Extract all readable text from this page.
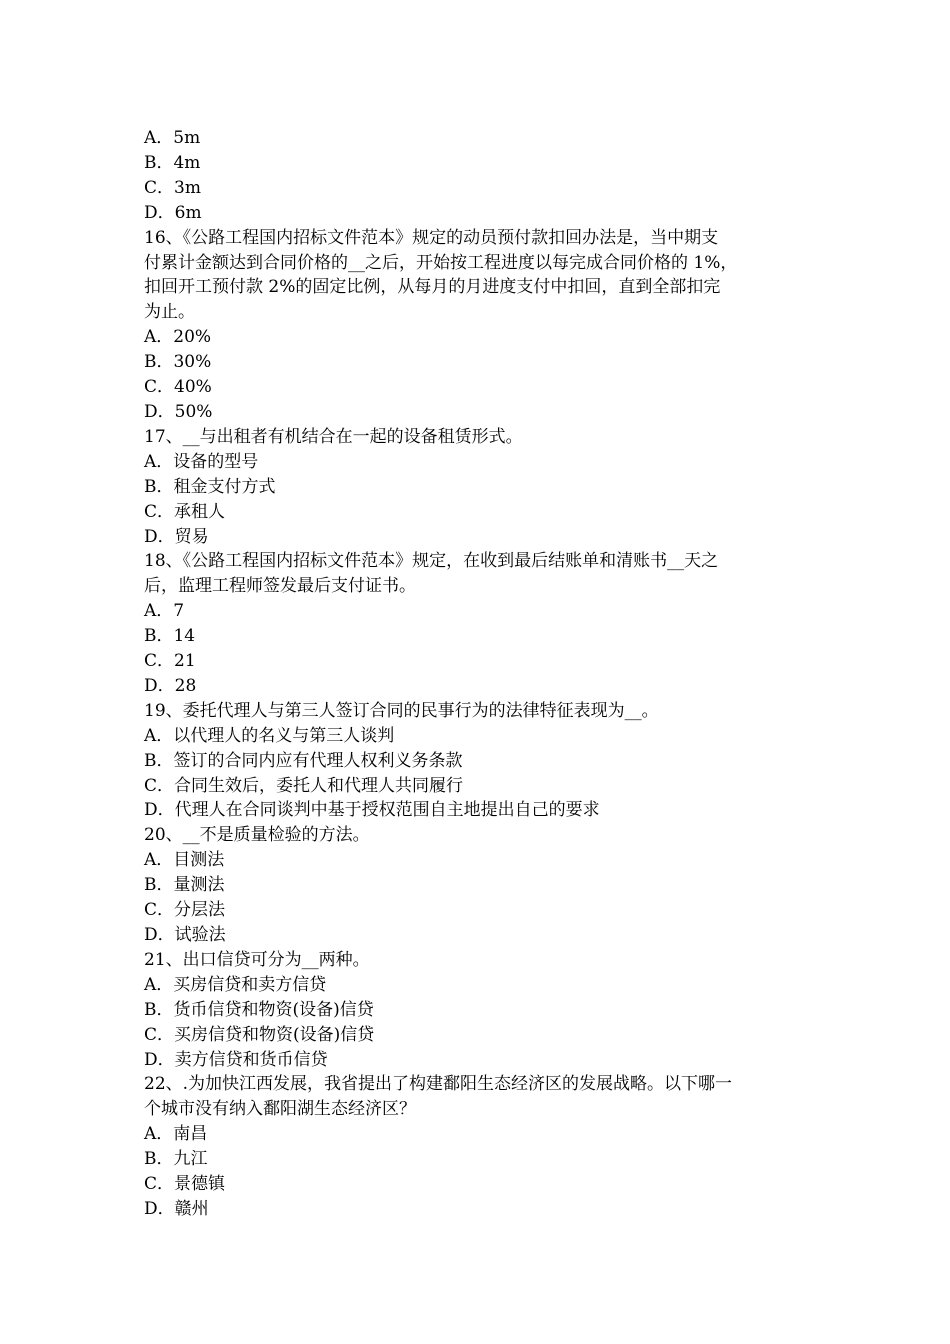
A．5m

B．4m

C．3m

D．6m

16、《公路工程国内招标文件范本》规定的动员预付款扣回办法是，当中期支

付累计金额达到合同价格的__之后，开始按工程进度以每完成合同价格的 1%，

扣回开工预付款 2%的固定比例，从每月的月进度支付中扣回，直到全部扣完

为止。

A．20%

B．30%

C．40%

D．50%

17、__与出租者有机结合在一起的设备租赁形式。

A．设备的型号

B．租金支付方式

C．承租人

D．贸易

18、《公路工程国内招标文件范本》规定，在收到最后结账单和清账书__天之

后，监理工程师签发最后支付证书。

A．7

B．14

C．21

D．28

19、委托代理人与第三人签订合同的民事行为的法律特征表现为__。

A．以代理人的名义与第三人谈判

B．签订的合同内应有代理人权利义务条款

C．合同生效后，委托人和代理人共同履行

D．代理人在合同谈判中基于授权范围自主地提出自己的要求

20、__不是质量检验的方法。

A．目测法

B．量测法

C．分层法

D．试验法

21、出口信贷可分为__两种。

A．买房信贷和卖方信贷

B．货币信贷和物资(设备)信贷

C．买房信贷和物资(设备)信贷

D．卖方信贷和货币信贷

22、.为加快江西发展，我省提出了构建鄱阳生态经济区的发展战略。以下哪一

个城市没有纳入鄱阳湖生态经济区？

A．南昌

B．九江

C．景德镇

D．赣州
